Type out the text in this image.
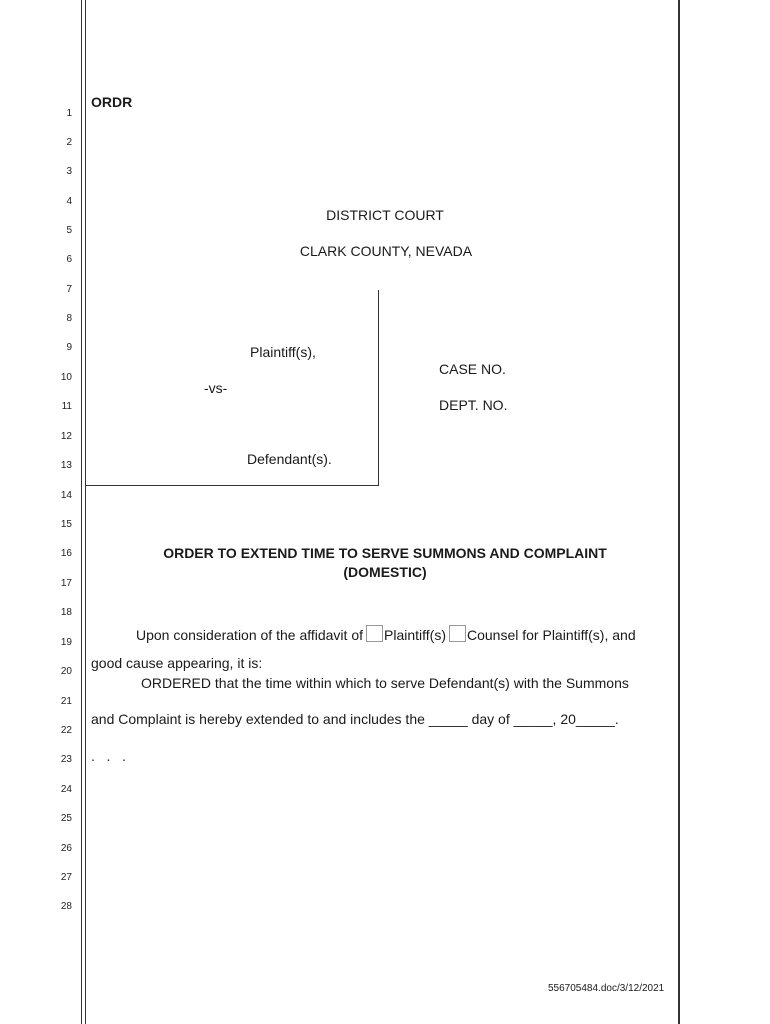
1
2
3
4
5
6
7
8
9
10
11
12
13
14
15
16
17
18
19
20
21
22
23
24
25
26
27
28
ORDR
DISTRICT COURT
CLARK COUNTY, NEVADA
Plaintiff(s),
-vs-
Defendant(s).
CASE NO.
DEPT. NO.
ORDER TO EXTEND TIME TO SERVE SUMMONS AND COMPLAINT
(DOMESTIC)
Upon consideration of the affidavit of Plaintiff(s) Counsel for Plaintiff(s), and
good cause appearing, it is:
ORDERED that the time within which to serve Defendant(s) with the Summons
and Complaint is hereby extended to and includes the _____ day of _____, 20_____.
.   .   .
556705484.doc/3/12/2021
